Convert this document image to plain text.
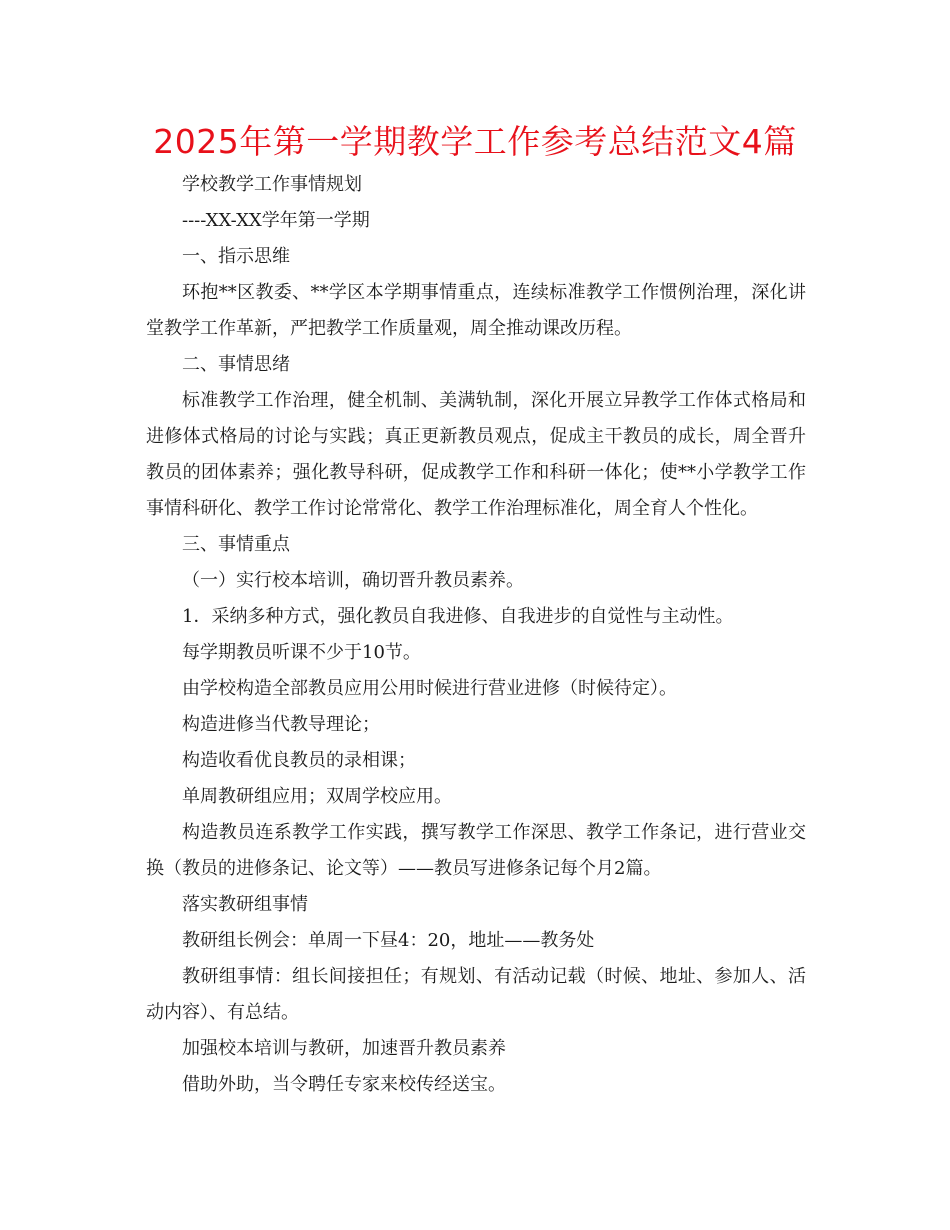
2025年第一学期教学工作参考总结范文4篇

学校教学工作事情规划

----XX-XX学年第一学期

一、指示思维

环抱**区教委、**学区本学期事情重点，连续标准教学工作惯例治理，深化讲堂教学工作革新，严把教学工作质量观，周全推动课改历程。

二、事情思绪

标准教学工作治理，健全机制、美满轨制，深化开展立异教学工作体式格局和进修体式格局的讨论与实践；真正更新教员观点，促成主干教员的成长，周全晋升教员的团体素养；强化教导科研，促成教学工作和科研一体化；使**小学教学工作事情科研化、教学工作讨论常常化、教学工作治理标准化，周全育人个性化。

三、事情重点

（一）实行校本培训，确切晋升教员素养。

1．采纳多种方式，强化教员自我进修、自我进步的自觉性与主动性。

每学期教员听课不少于10节。

由学校构造全部教员应用公用时候进行营业进修（时候待定）。

构造进修当代教导理论；

构造收看优良教员的录相课；

单周教研组应用；双周学校应用。

构造教员连系教学工作实践，撰写教学工作深思、教学工作条记，进行营业交换（教员的进修条记、论文等）——教员写进修条记每个月2篇。

落实教研组事情

教研组长例会：单周一下昼4：20，地址——教务处

教研组事情：组长间接担任；有规划、有活动记载（时候、地址、参加人、活动内容）、有总结。

加强校本培训与教研，加速晋升教员素养

借助外助，当令聘任专家来校传经送宝。
